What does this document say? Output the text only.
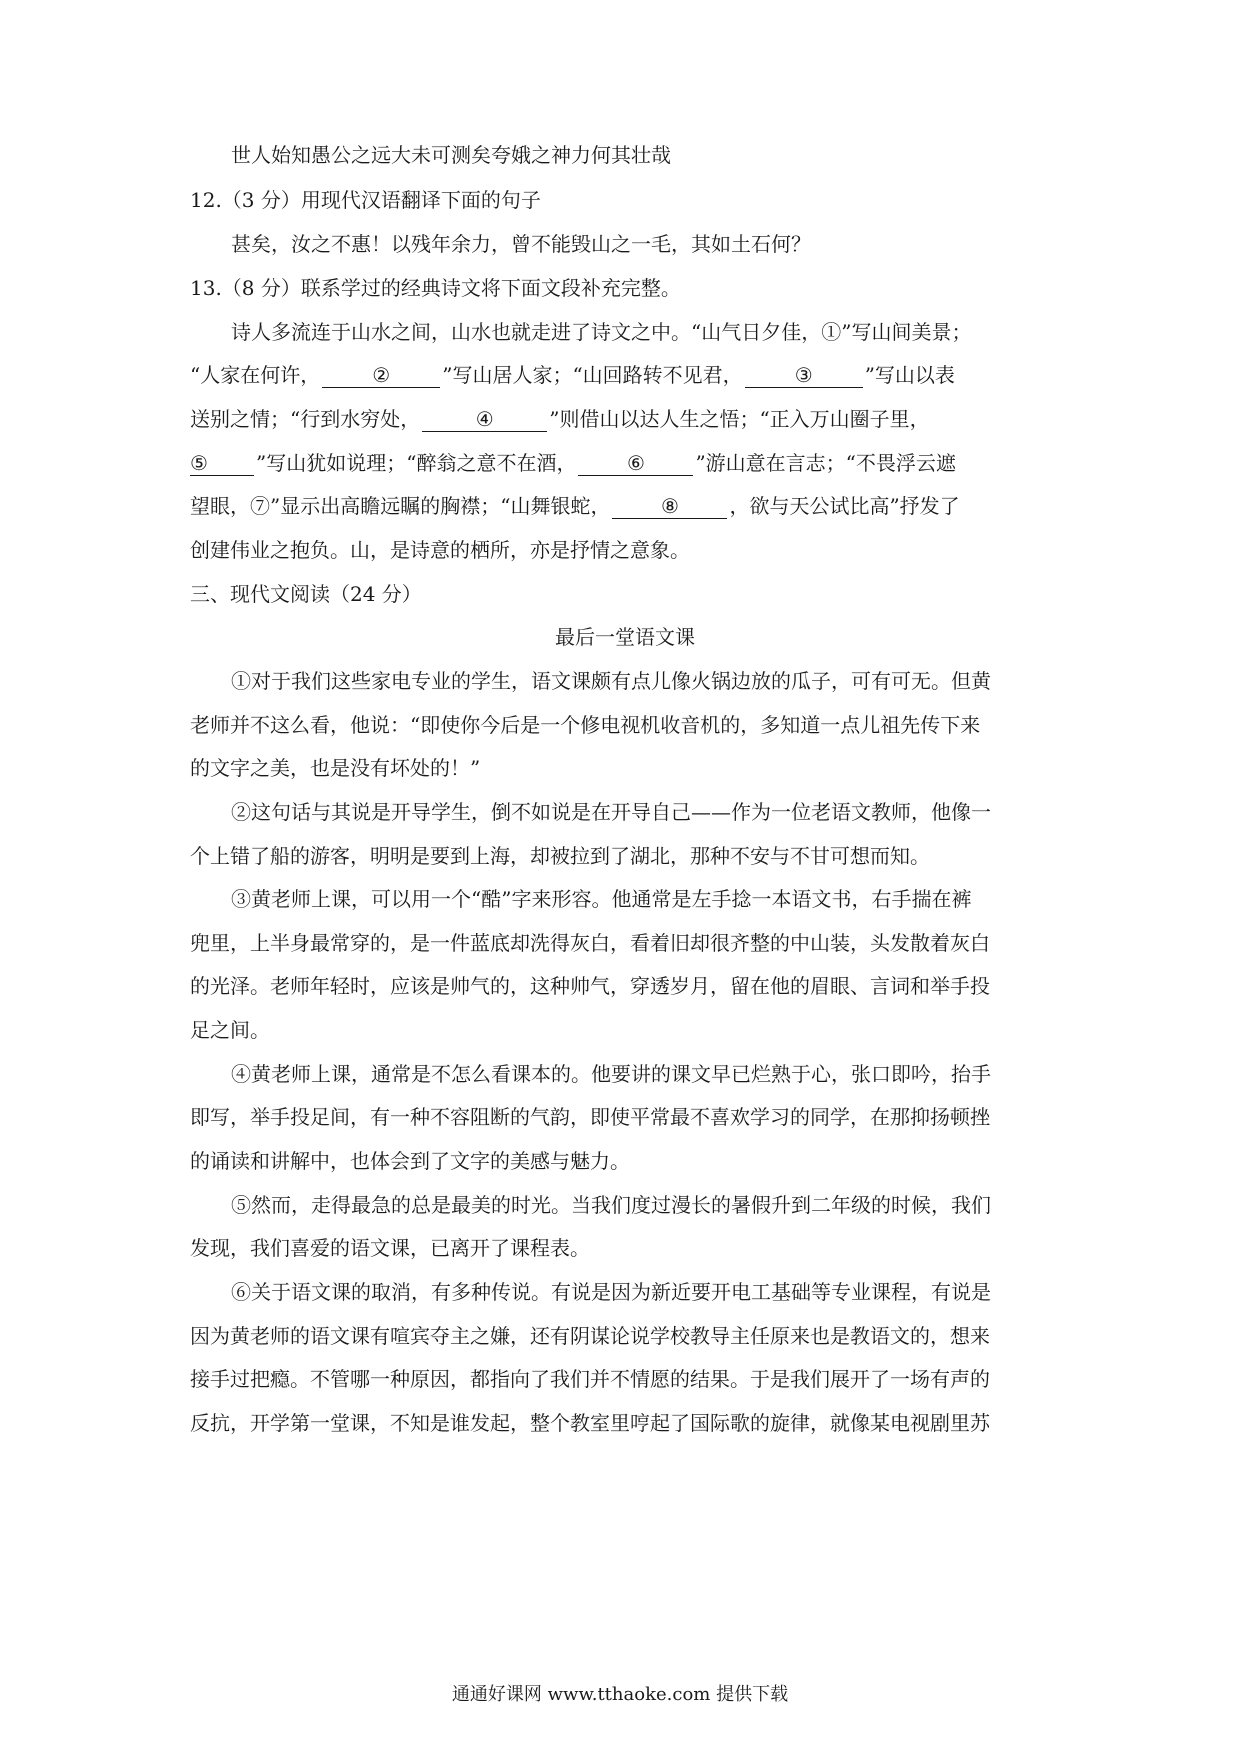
世人始知愚公之远大未可测矣夸娥之神力何其壮哉
12.（3 分）用现代汉语翻译下面的句子
甚矣，汝之不惠！以残年余力，曾不能毁山之一毛，其如土石何？
13.（8 分）联系学过的经典诗文将下面文段补充完整。
诗人多流连于山水之间，山水也就走进了诗文之中。“山气日夕佳，①”写山间美景；
“人家在何许，	②	”写山居人家；“山回路转不见君，	③	”写山以表
送别之情；“行到水穷处，	④	”则借山以达人生之悟；“正入万山圈子里，
⑤ ”写山犹如说理；“醉翁之意不在酒，	⑥	”游山意在言志；“不畏浮云遮
望眼，⑦”显示出高瞻远瞩的胸襟；“山舞银蛇，	⑧	，欲与天公试比高”抒发了
创建伟业之抱负。山，是诗意的栖所，亦是抒情之意象。
三、现代文阅读（24 分）
最后一堂语文课
①对于我们这些家电专业的学生，语文课颇有点儿像火锅边放的瓜子，可有可无。但黄
老师并不这么看，他说：“即使你今后是一个修电视机收音机的，多知道一点儿祖先传下来
的文字之美，也是没有坏处的！”
②这句话与其说是开导学生，倒不如说是在开导自己——作为一位老语文教师，他像一
个上错了船的游客，明明是要到上海，却被拉到了湖北，那种不安与不甘可想而知。
③黄老师上课，可以用一个“酷”字来形容。他通常是左手捻一本语文书，右手揣在裤
兜里，上半身最常穿的，是一件蓝底却洗得灰白，看着旧却很齐整的中山装，头发散着灰白
的光泽。老师年轻时，应该是帅气的，这种帅气，穿透岁月，留在他的眉眼、言词和举手投
足之间。
④黄老师上课，通常是不怎么看课本的。他要讲的课文早已烂熟于心，张口即吟，抬手
即写，举手投足间，有一种不容阻断的气韵，即使平常最不喜欢学习的同学，在那抑扬顿挫
的诵读和讲解中，也体会到了文字的美感与魅力。
⑤然而，走得最急的总是最美的时光。当我们度过漫长的暑假升到二年级的时候，我们
发现，我们喜爱的语文课，已离开了课程表。
⑥关于语文课的取消，有多种传说。有说是因为新近要开电工基础等专业课程，有说是
因为黄老师的语文课有喧宾夺主之嫌，还有阴谋论说学校教导主任原来也是教语文的，想来
接手过把瘾。不管哪一种原因，都指向了我们并不情愿的结果。于是我们展开了一场有声的
反抗，开学第一堂课，不知是谁发起，整个教室里哼起了国际歌的旋律，就像某电视剧里苏
通通好课网 www.tthaoke.com 提供下载
